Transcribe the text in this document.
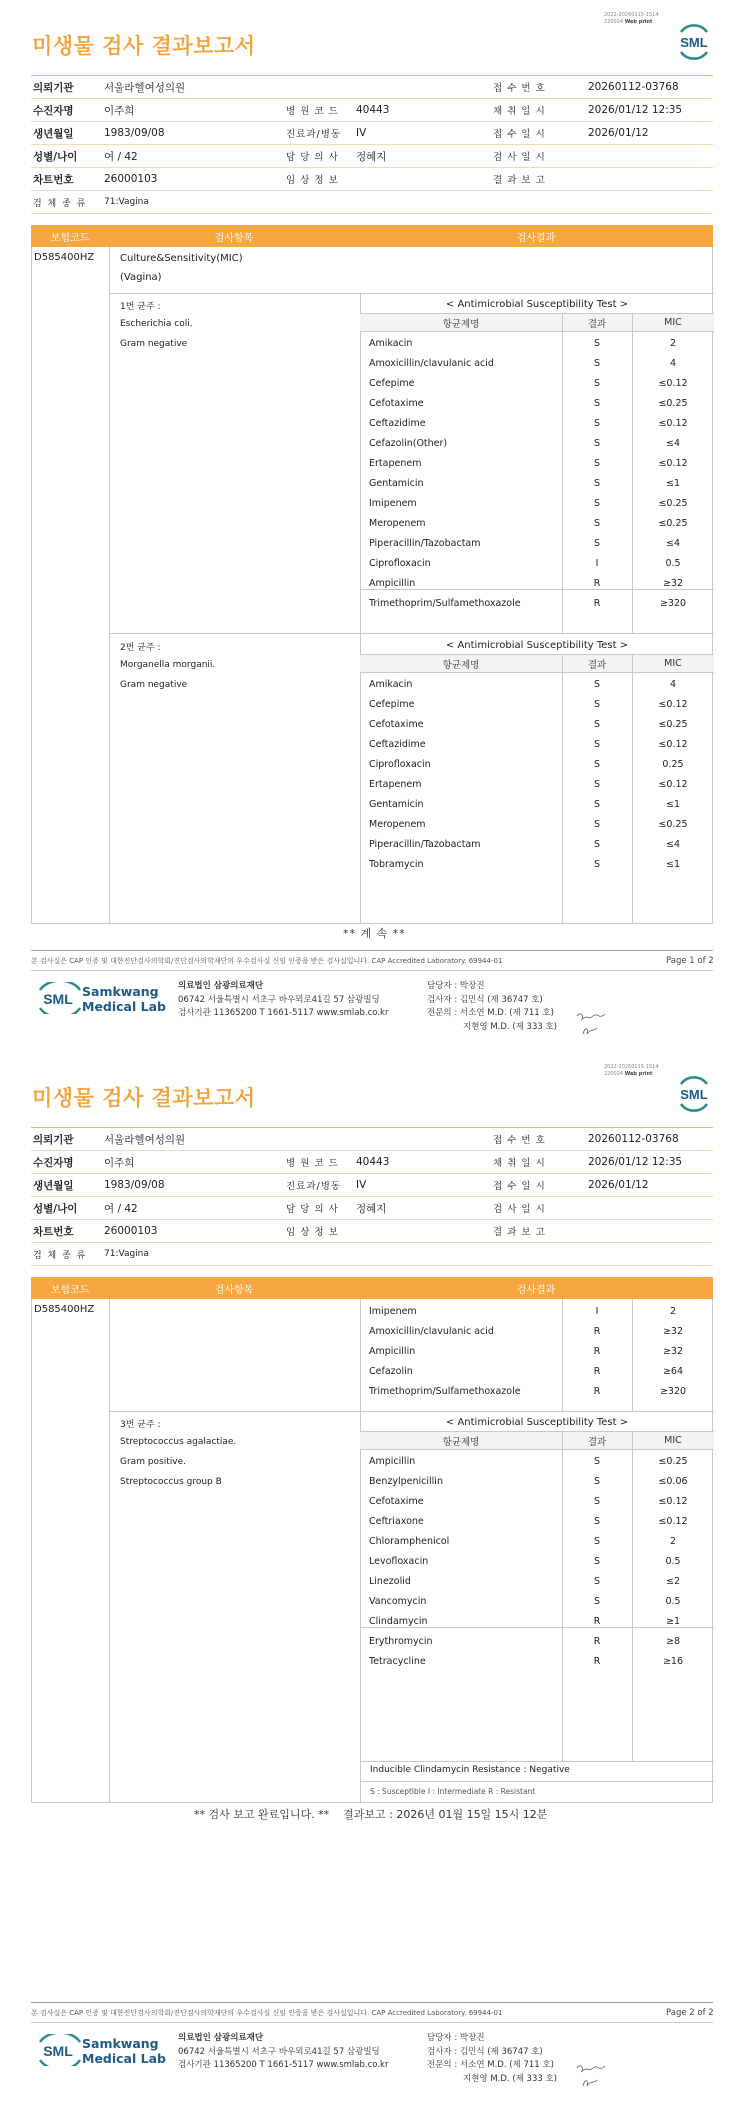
2022-20260115-1514
220024 Web print
미생물 검사 결과보고서	SML
의뢰기관	서울라헬여성의원	접 수 번 호	20260112-03768
수진자명	이주희	병 원 코 드	40443	채 취 일 시	2026/01/12 12:35
생년월일	1983/09/08	진료과/병동	IV	접 수 일 시	2026/01/12
성별/나이	여 / 42	담 당 의 사	정혜지	검 사 일 시
차트번호	26000103	임 상 정 보	결 과 보 고
검 체 종 류	71:Vagina
보험코드	검사항목	검사결과
D585400HZ	Culture&Sensitivity(MIC)
(Vagina)
1번 균주 :
Escherichia coli.
Gram negative
< Antimicrobial Susceptibility Test >
항균제명	결과	MIC
Amikacin	S	2
Amoxicillin/clavulanic acid	S	4
Cefepime	S	≤0.12
Cefotaxime	S	≤0.25
Ceftazidime	S	≤0.12
Cefazolin(Other)	S	≤4
Ertapenem	S	≤0.12
Gentamicin	S	≤1
Imipenem	S	≤0.25
Meropenem	S	≤0.25
Piperacillin/Tazobactam	S	≤4
Ciprofloxacin	I	0.5
Ampicillin	R	≥32
Trimethoprim/Sulfamethoxazole	R	≥320
2번 균주 :
Morganella morganii.
Gram negative
< Antimicrobial Susceptibility Test >
항균제명	결과	MIC
Amikacin	S	4
Cefepime	S	≤0.12
Cefotaxime	S	≤0.25
Ceftazidime	S	≤0.12
Ciprofloxacin	S	0.25
Ertapenem	S	≤0.12
Gentamicin	S	≤1
Meropenem	S	≤0.25
Piperacillin/Tazobactam	S	≤4
Tobramycin	S	≤1
** 계 속 **
본 검사실은 CAP 인증 및 대한진단검사의학회/진단검사의학재단의 우수검사실 신임 인증을 받은 검사실입니다. CAP Accredited Laboratory. 69944-01	Page 1 of 2
SML Samkwang
Medical Lab
의료법인 삼광의료재단
06742 서울특별시 서초구 바우뫼로41길 57 삼광빌딩
검사기관 11365200 T 1661-5117 www.smlab.co.kr
담당자 : 박장진
검사자 : 김민식 (제 36747 호)
전문의 : 서소연 M.D. (제 711 호)
지현영 M.D. (제 333 호)
2022-20260115-1514
220024 Web print
미생물 검사 결과보고서	SML
의뢰기관	서울라헬여성의원	접 수 번 호	20260112-03768
수진자명	이주희	병 원 코 드	40443	채 취 일 시	2026/01/12 12:35
생년월일	1983/09/08	진료과/병동	IV	접 수 일 시	2026/01/12
성별/나이	여 / 42	담 당 의 사	정혜지	검 사 일 시
차트번호	26000103	임 상 정 보	결 과 보 고
검 체 종 류	71:Vagina
보험코드	검사항목	검사결과
D585400HZ	Imipenem	I	2
Amoxicillin/clavulanic acid	R	≥32
Ampicillin	R	≥32
Cefazolin	R	≥64
Trimethoprim/Sulfamethoxazole	R	≥320
3번 균주 :
Streptococcus agalactiae.
Gram positive.
Streptococcus group B
< Antimicrobial Susceptibility Test >
항균제명	결과	MIC
Ampicillin	S	≤0.25
Benzylpenicillin	S	≤0.06
Cefotaxime	S	≤0.12
Ceftriaxone	S	≤0.12
Chloramphenicol	S	2
Levofloxacin	S	0.5
Linezolid	S	≤2
Vancomycin	S	0.5
Clindamycin	R	≥1
Erythromycin	R	≥8
Tetracycline	R	≥16
Inducible Clindamycin Resistance : Negative
S : Susceptible I : Intermediate R : Resistant
** 검사 보고 완료입니다. ** 결과보고 : 2026년 01월 15일 15시 12분
본 검사실은 CAP 인증 및 대한진단검사의학회/진단검사의학재단의 우수검사실 신임 인증을 받은 검사실입니다. CAP Accredited Laboratory. 69944-01	Page 2 of 2
SML Samkwang
Medical Lab
의료법인 삼광의료재단
06742 서울특별시 서초구 바우뫼로41길 57 삼광빌딩
검사기관 11365200 T 1661-5117 www.smlab.co.kr
담당자 : 박장진
검사자 : 김민식 (제 36747 호)
전문의 : 서소연 M.D. (제 711 호)
지현영 M.D. (제 333 호)
